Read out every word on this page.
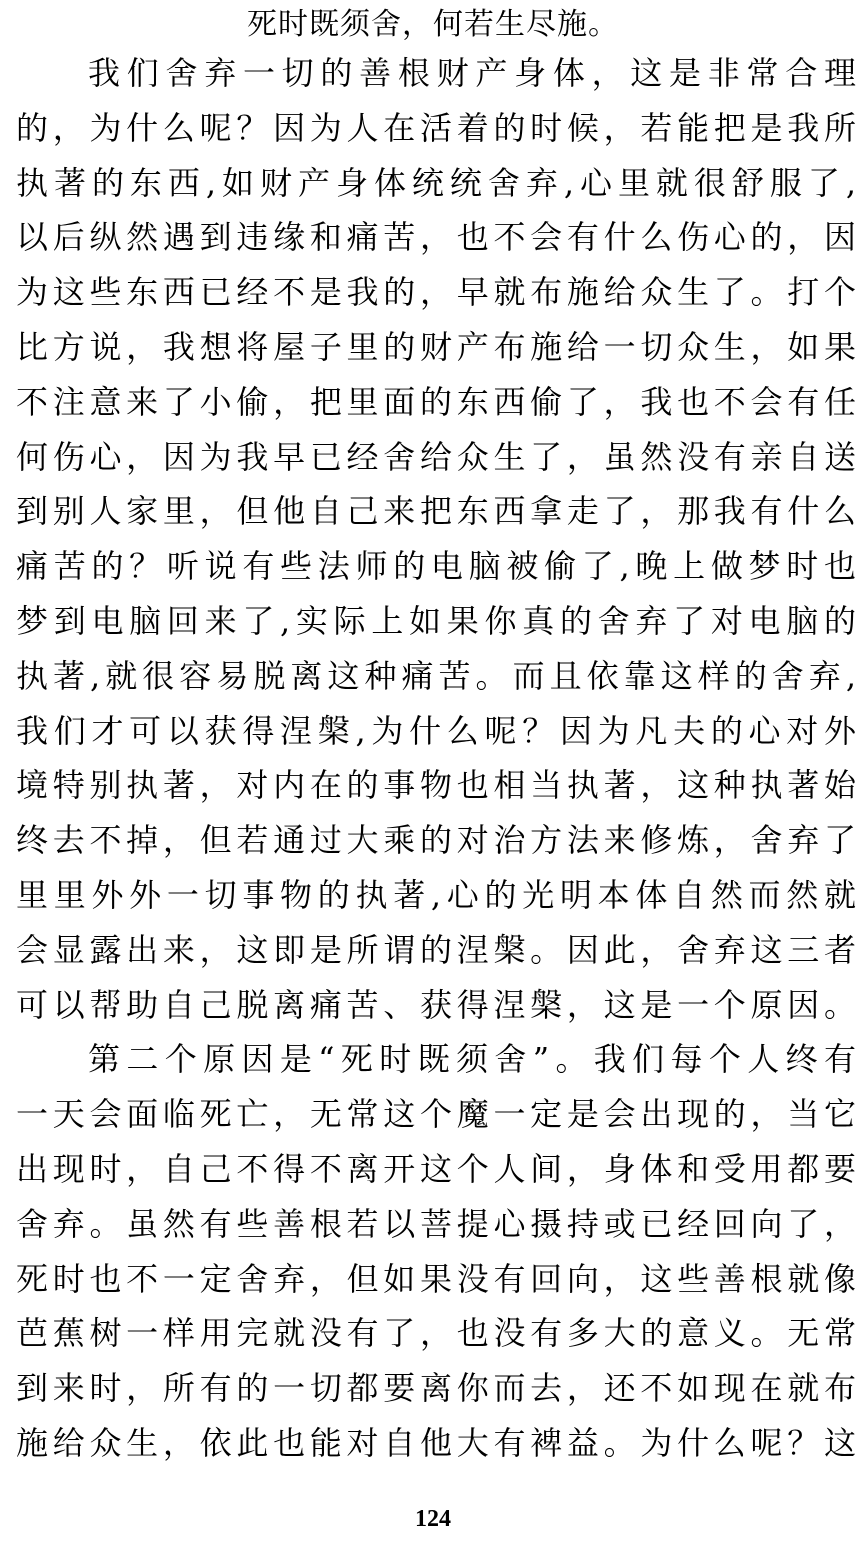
死时既须舍，何若生尽施。
我们舍弃一切的善根财产身体，这是非常合理
的，为什么呢？因为人在活着的时候，若能把是我所
执著的东西,如财产身体统统舍弃,心里就很舒服了,
以后纵然遇到违缘和痛苦，也不会有什么伤心的，因
为这些东西已经不是我的，早就布施给众生了。打个
比方说，我想将屋子里的财产布施给一切众生，如果
不注意来了小偷，把里面的东西偷了，我也不会有任
何伤心，因为我早已经舍给众生了，虽然没有亲自送
到别人家里，但他自己来把东西拿走了，那我有什么
痛苦的？听说有些法师的电脑被偷了,晚上做梦时也
梦到电脑回来了,实际上如果你真的舍弃了对电脑的
执著,就很容易脱离这种痛苦。而且依靠这样的舍弃,
我们才可以获得涅槃,为什么呢？因为凡夫的心对外
境特别执著，对内在的事物也相当执著，这种执著始
终去不掉，但若通过大乘的对治方法来修炼，舍弃了
里里外外一切事物的执著,心的光明本体自然而然就
会显露出来，这即是所谓的涅槃。因此，舍弃这三者
可以帮助自己脱离痛苦、获得涅槃，这是一个原因。
第二个原因是“死时既须舍”。我们每个人终有
一天会面临死亡，无常这个魔一定是会出现的，当它
出现时，自己不得不离开这个人间，身体和受用都要
舍弃。虽然有些善根若以菩提心摄持或已经回向了，
死时也不一定舍弃，但如果没有回向，这些善根就像
芭蕉树一样用完就没有了，也没有多大的意义。无常
到来时，所有的一切都要离你而去，还不如现在就布
施给众生，依此也能对自他大有裨益。为什么呢？这
124
